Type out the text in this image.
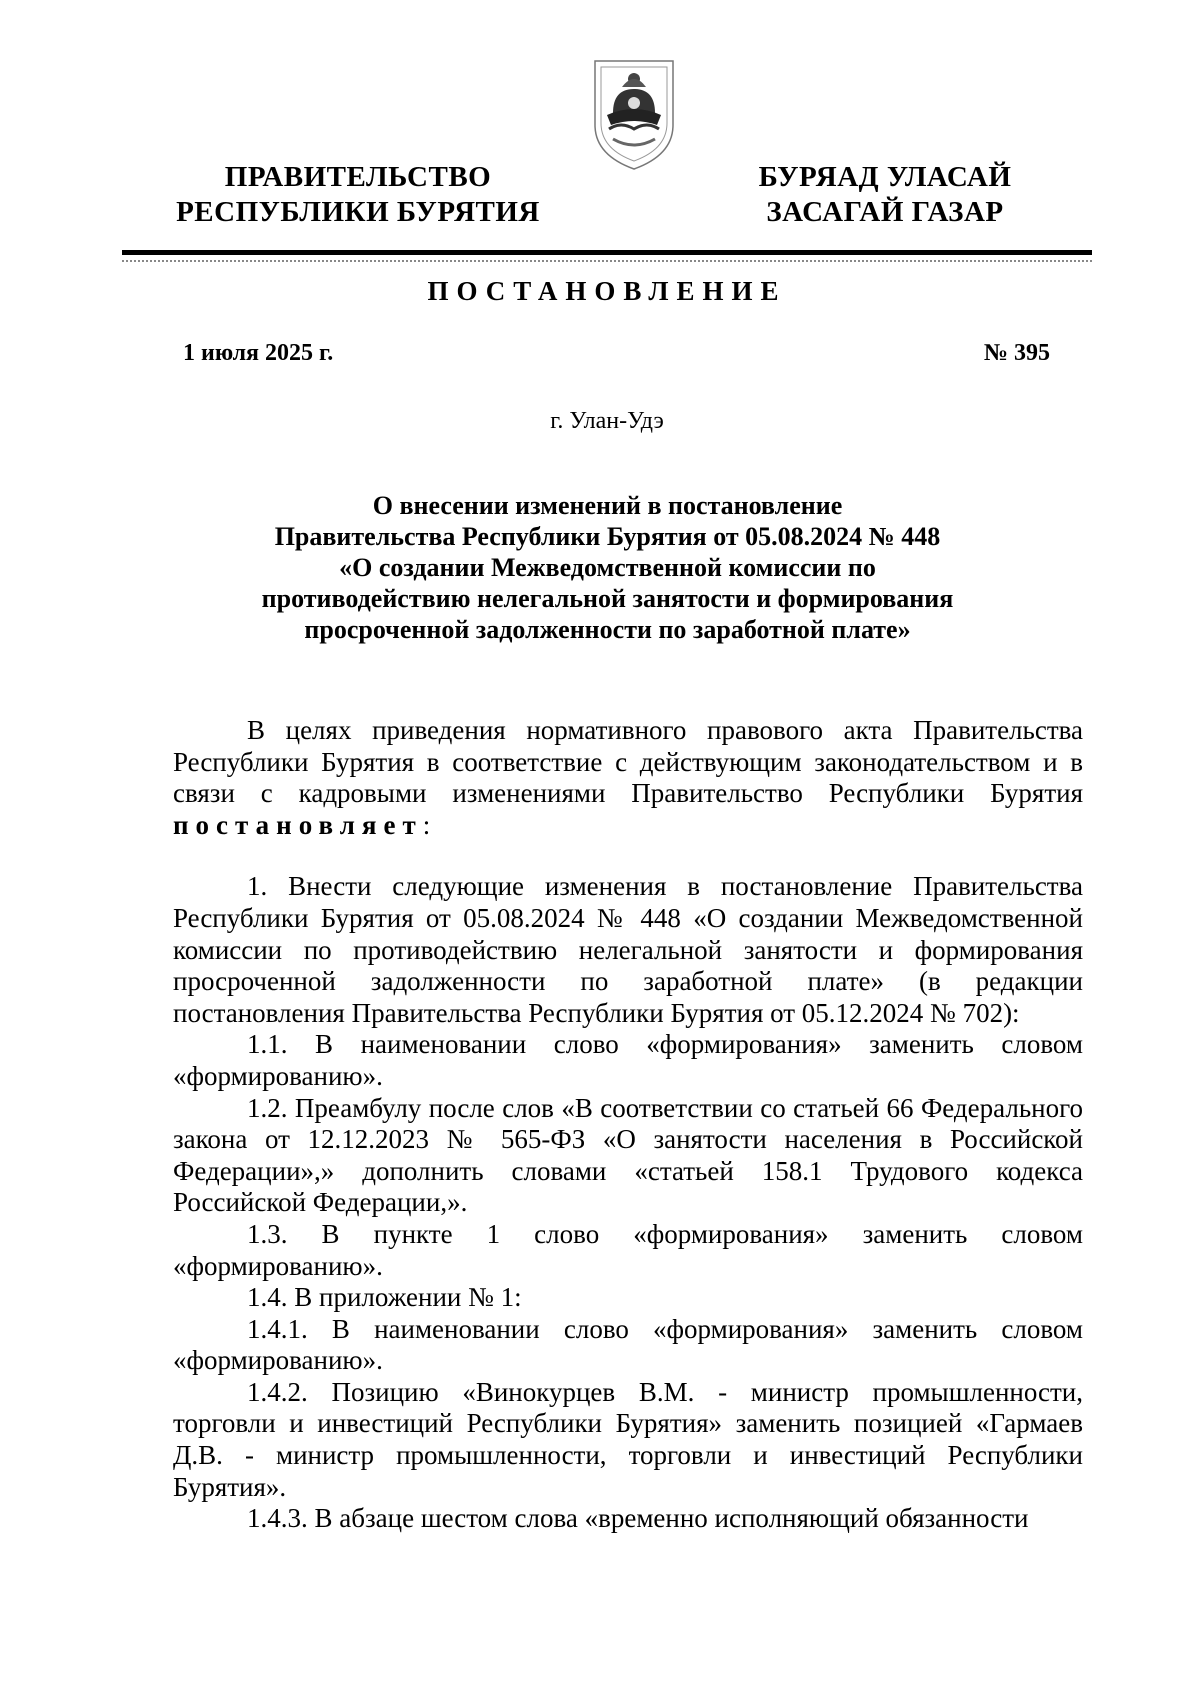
ПРАВИТЕЛЬСТВО
РЕСПУБЛИКИ БУРЯТИЯ
БУРЯАД УЛАСАЙ
ЗАСАГАЙ ГАЗАР
ПОСТАНОВЛЕНИЕ
1 июля 2025 г.	№ 395
г. Улан-Удэ
О внесении изменений в постановление
Правительства Республики Бурятия от 05.08.2024 № 448
«О создании Межведомственной комиссии по
противодействию нелегальной занятости и формирования
просроченной задолженности по заработной плате»

В целях приведения нормативного правового акта Правительства Республики Бурятия в соответствие с действующим законодательством и в связи с кадровыми изменениями Правительство Республики Бурятия постановляет:

1. Внести следующие изменения в постановление Правительства Республики Бурятия от 05.08.2024 № 448 «О создании Межведомственной комиссии по противодействию нелегальной занятости и формирования просроченной задолженности по заработной плате» (в редакции постановления Правительства Республики Бурятия от 05.12.2024 № 702):

1.1. В наименовании слово «формирования» заменить словом «формированию».

1.2. Преамбулу после слов «В соответствии со статьей 66 Федерального закона от 12.12.2023 № 565-ФЗ «О занятости населения в Российской Федерации»,» дополнить словами «статьей 158.1 Трудового кодекса Российской Федерации,».

1.3. В пункте 1 слово «формирования» заменить словом «формированию».

1.4. В приложении № 1:

1.4.1. В наименовании слово «формирования» заменить словом «формированию».

1.4.2. Позицию «Винокурцев В.М. - министр промышленности, торговли и инвестиций Республики Бурятия» заменить позицией «Гармаев Д.В. - министр промышленности, торговли и инвестиций Республики Бурятия».

1.4.3. В абзаце шестом слова «временно исполняющий обязанности
